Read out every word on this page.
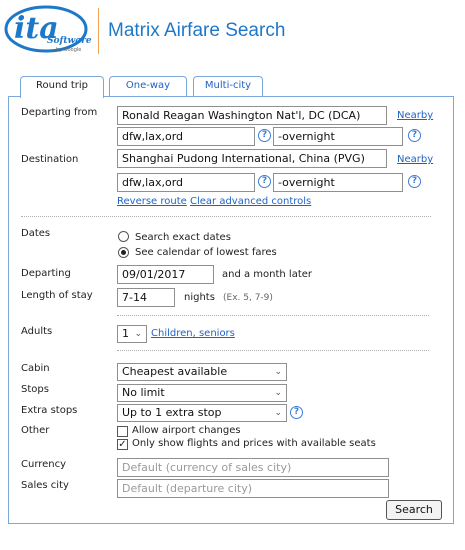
ita
Software
by Google
Matrix Airfare Search
Round trip	One-way	Multi-city
Departing from	Ronald Reagan Washington Nat'l, DC (DCA)	Nearby
dfw,lax,ord	? -overnight	?
Destination	Shanghai Pudong International, China (PVG)	Nearby
dfw,lax,ord	? -overnight	?
Reverse route Clear advanced controls
Dates	Search exact dates
See calendar of lowest fares
Departing	09/01/2017	and a month later
Length of stay	7-14	nights (Ex. 5, 7-9)
Adults	1 ⌄ Children, seniors
Cabin	Cheapest available	⌄
Stops	No limit	⌄
Extra stops	Up to 1 extra stop	⌄	?
Other	Allow airport changes
✓ Only show flights and prices with available seats
Currency	Default (currency of sales city)
Sales city	Default (departure city)
Search
